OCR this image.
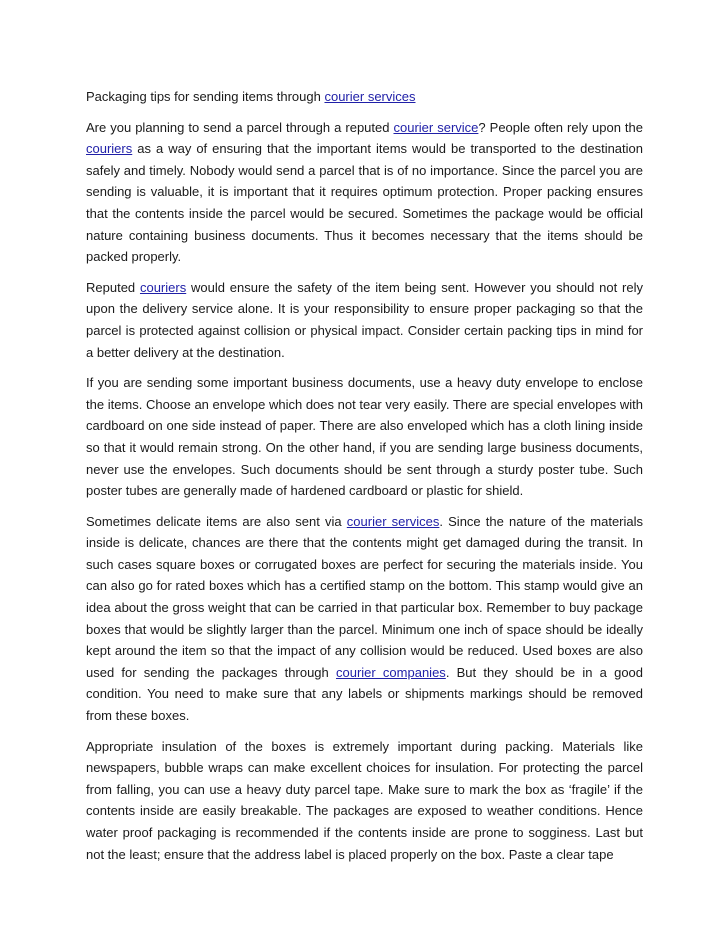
Packaging tips for sending items through courier services

Are you planning to send a parcel through a reputed courier service? People often rely upon the couriers as a way of ensuring that the important items would be transported to the destination safely and timely. Nobody would send a parcel that is of no importance. Since the parcel you are sending is valuable, it is important that it requires optimum protection. Proper packing ensures that the contents inside the parcel would be secured. Sometimes the package would be official nature containing business documents. Thus it becomes necessary that the items should be packed properly.

Reputed couriers would ensure the safety of the item being sent. However you should not rely upon the delivery service alone. It is your responsibility to ensure proper packaging so that the parcel is protected against collision or physical impact. Consider certain packing tips in mind for a better delivery at the destination.

If you are sending some important business documents, use a heavy duty envelope to enclose the items. Choose an envelope which does not tear very easily. There are special envelopes with cardboard on one side instead of paper. There are also enveloped which has a cloth lining inside so that it would remain strong. On the other hand, if you are sending large business documents, never use the envelopes. Such documents should be sent through a sturdy poster tube. Such poster tubes are generally made of hardened cardboard or plastic for shield.

Sometimes delicate items are also sent via courier services. Since the nature of the materials inside is delicate, chances are there that the contents might get damaged during the transit. In such cases square boxes or corrugated boxes are perfect for securing the materials inside. You can also go for rated boxes which has a certified stamp on the bottom. This stamp would give an idea about the gross weight that can be carried in that particular box. Remember to buy package boxes that would be slightly larger than the parcel. Minimum one inch of space should be ideally kept around the item so that the impact of any collision would be reduced. Used boxes are also used for sending the packages through courier companies. But they should be in a good condition. You need to make sure that any labels or shipments markings should be removed from these boxes.

Appropriate insulation of the boxes is extremely important during packing. Materials like newspapers, bubble wraps can make excellent choices for insulation. For protecting the parcel from falling, you can use a heavy duty parcel tape. Make sure to mark the box as ‘fragile’ if the contents inside are easily breakable. The packages are exposed to weather conditions. Hence water proof packaging is recommended if the contents inside are prone to sogginess. Last but not the least; ensure that the address label is placed properly on the box. Paste a clear tape
